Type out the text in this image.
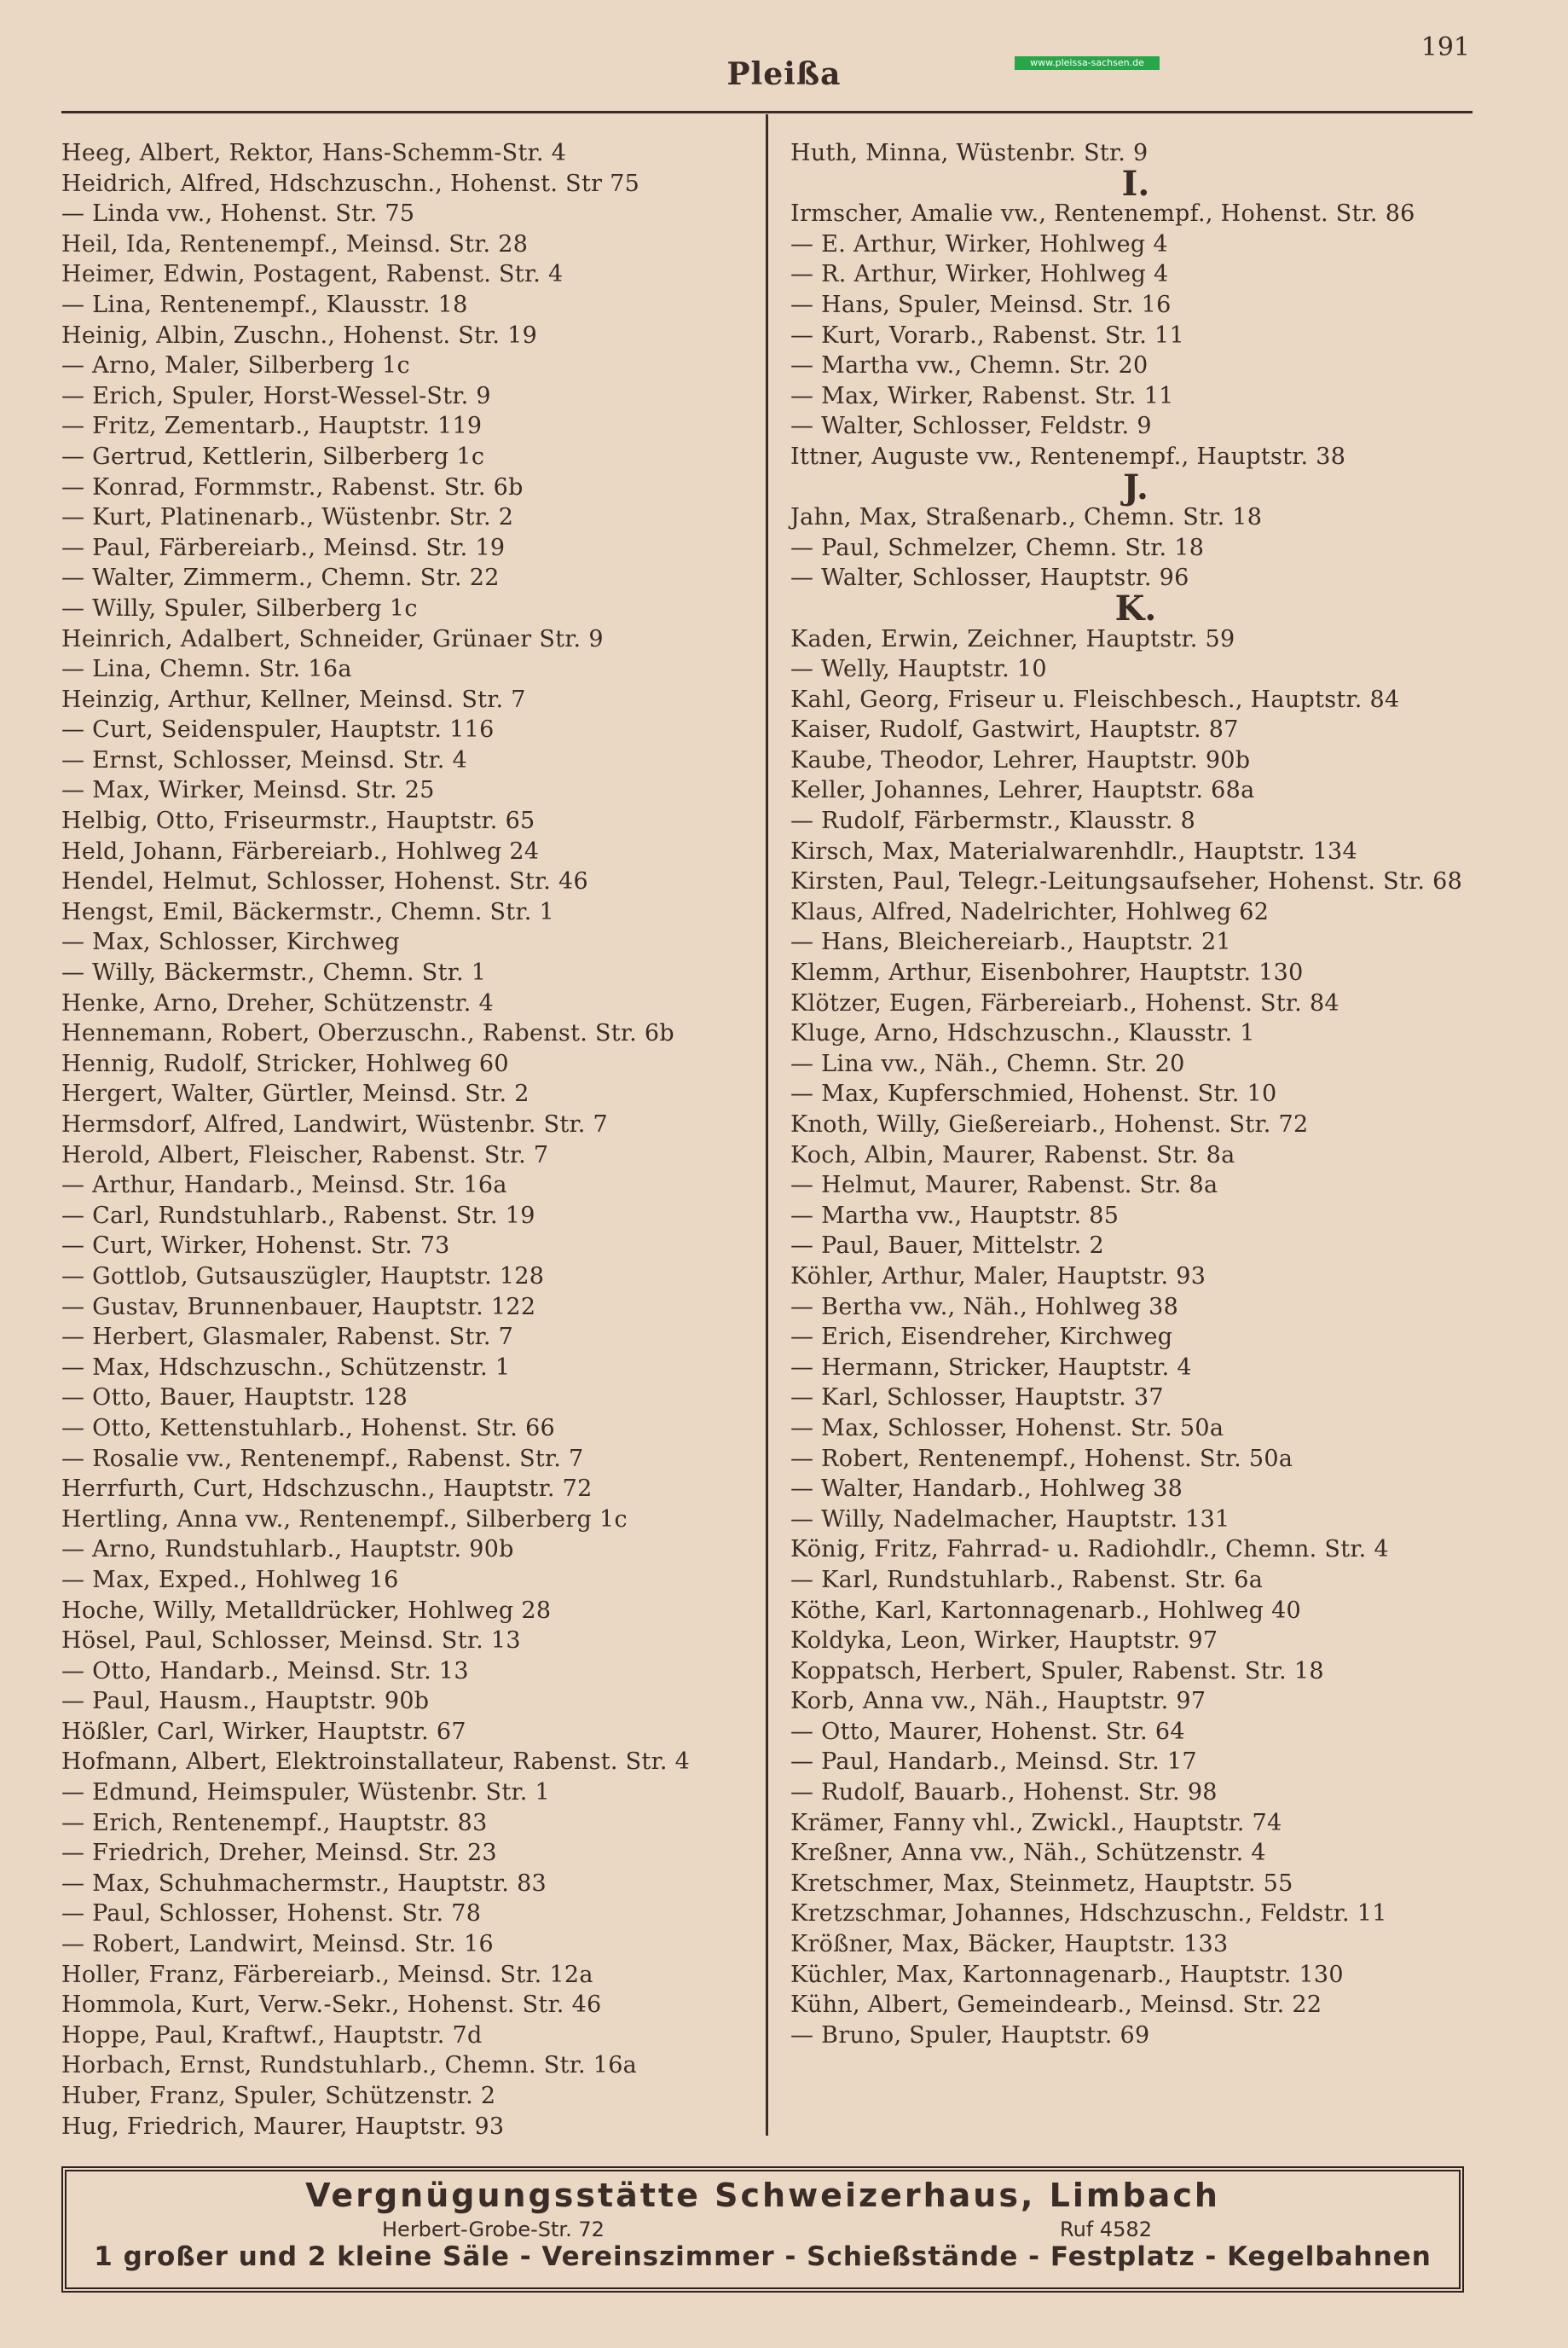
191
Pleißa	www.pleissa-sachsen.de
Heeg, Albert, Rektor, Hans-Schemm-Str. 4
Heidrich, Alfred, Hdschzuschn., Hohenst. Str 75
— Linda vw., Hohenst. Str. 75
Heil, Ida, Rentenempf., Meinsd. Str. 28
Heimer, Edwin, Postagent, Rabenst. Str. 4
— Lina, Rentenempf., Klausstr. 18
Heinig, Albin, Zuschn., Hohenst. Str. 19
— Arno, Maler, Silberberg 1c
— Erich, Spuler, Horst-Wessel-Str. 9
— Fritz, Zementarb., Hauptstr. 119
— Gertrud, Kettlerin, Silberberg 1c
— Konrad, Formmstr., Rabenst. Str. 6b
— Kurt, Platinenarb., Wüstenbr. Str. 2
— Paul, Färbereiarb., Meinsd. Str. 19
— Walter, Zimmerm., Chemn. Str. 22
— Willy, Spuler, Silberberg 1c
Heinrich, Adalbert, Schneider, Grünaer Str. 9
— Lina, Chemn. Str. 16a
Heinzig, Arthur, Kellner, Meinsd. Str. 7
— Curt, Seidenspuler, Hauptstr. 116
— Ernst, Schlosser, Meinsd. Str. 4
— Max, Wirker, Meinsd. Str. 25
Helbig, Otto, Friseurmstr., Hauptstr. 65
Held, Johann, Färbereiarb., Hohlweg 24
Hendel, Helmut, Schlosser, Hohenst. Str. 46
Hengst, Emil, Bäckermstr., Chemn. Str. 1
— Max, Schlosser, Kirchweg
— Willy, Bäckermstr., Chemn. Str. 1
Henke, Arno, Dreher, Schützenstr. 4
Hennemann, Robert, Oberzuschn., Rabenst. Str. 6b
Hennig, Rudolf, Stricker, Hohlweg 60
Hergert, Walter, Gürtler, Meinsd. Str. 2
Hermsdorf, Alfred, Landwirt, Wüstenbr. Str. 7
Herold, Albert, Fleischer, Rabenst. Str. 7
— Arthur, Handarb., Meinsd. Str. 16a
— Carl, Rundstuhlarb., Rabenst. Str. 19
— Curt, Wirker, Hohenst. Str. 73
— Gottlob, Gutsauszügler, Hauptstr. 128
— Gustav, Brunnenbauer, Hauptstr. 122
— Herbert, Glasmaler, Rabenst. Str. 7
— Max, Hdschzuschn., Schützenstr. 1
— Otto, Bauer, Hauptstr. 128
— Otto, Kettenstuhlarb., Hohenst. Str. 66
— Rosalie vw., Rentenempf., Rabenst. Str. 7
Herrfurth, Curt, Hdschzuschn., Hauptstr. 72
Hertling, Anna vw., Rentenempf., Silberberg 1c
— Arno, Rundstuhlarb., Hauptstr. 90b
— Max, Exped., Hohlweg 16
Hoche, Willy, Metalldrücker, Hohlweg 28
Hösel, Paul, Schlosser, Meinsd. Str. 13
— Otto, Handarb., Meinsd. Str. 13
— Paul, Hausm., Hauptstr. 90b
Hößler, Carl, Wirker, Hauptstr. 67
Hofmann, Albert, Elektroinstallateur, Rabenst. Str. 4
— Edmund, Heimspuler, Wüstenbr. Str. 1
— Erich, Rentenempf., Hauptstr. 83
— Friedrich, Dreher, Meinsd. Str. 23
— Max, Schuhmachermstr., Hauptstr. 83
— Paul, Schlosser, Hohenst. Str. 78
— Robert, Landwirt, Meinsd. Str. 16
Holler, Franz, Färbereiarb., Meinsd. Str. 12a
Hommola, Kurt, Verw.-Sekr., Hohenst. Str. 46
Hoppe, Paul, Kraftwf., Hauptstr. 7d
Horbach, Ernst, Rundstuhlarb., Chemn. Str. 16a
Huber, Franz, Spuler, Schützenstr. 2
Hug, Friedrich, Maurer, Hauptstr. 93
Huth, Minna, Wüstenbr. Str. 9
I.
Irmscher, Amalie vw., Rentenempf., Hohenst. Str. 86
— E. Arthur, Wirker, Hohlweg 4
— R. Arthur, Wirker, Hohlweg 4
— Hans, Spuler, Meinsd. Str. 16
— Kurt, Vorarb., Rabenst. Str. 11
— Martha vw., Chemn. Str. 20
— Max, Wirker, Rabenst. Str. 11
— Walter, Schlosser, Feldstr. 9
Ittner, Auguste vw., Rentenempf., Hauptstr. 38
J.
Jahn, Max, Straßenarb., Chemn. Str. 18
— Paul, Schmelzer, Chemn. Str. 18
— Walter, Schlosser, Hauptstr. 96
K.
Kaden, Erwin, Zeichner, Hauptstr. 59
— Welly, Hauptstr. 10
Kahl, Georg, Friseur u. Fleischbesch., Hauptstr. 84
Kaiser, Rudolf, Gastwirt, Hauptstr. 87
Kaube, Theodor, Lehrer, Hauptstr. 90b
Keller, Johannes, Lehrer, Hauptstr. 68a
— Rudolf, Färbermstr., Klausstr. 8
Kirsch, Max, Materialwarenhdlr., Hauptstr. 134
Kirsten, Paul, Telegr.-Leitungsaufseher, Hohenst. Str. 68
Klaus, Alfred, Nadelrichter, Hohlweg 62
— Hans, Bleichereiarb., Hauptstr. 21
Klemm, Arthur, Eisenbohrer, Hauptstr. 130
Klötzer, Eugen, Färbereiarb., Hohenst. Str. 84
Kluge, Arno, Hdschzuschn., Klausstr. 1
— Lina vw., Näh., Chemn. Str. 20
— Max, Kupferschmied, Hohenst. Str. 10
Knoth, Willy, Gießereiarb., Hohenst. Str. 72
Koch, Albin, Maurer, Rabenst. Str. 8a
— Helmut, Maurer, Rabenst. Str. 8a
— Martha vw., Hauptstr. 85
— Paul, Bauer, Mittelstr. 2
Köhler, Arthur, Maler, Hauptstr. 93
— Bertha vw., Näh., Hohlweg 38
— Erich, Eisendreher, Kirchweg
— Hermann, Stricker, Hauptstr. 4
— Karl, Schlosser, Hauptstr. 37
— Max, Schlosser, Hohenst. Str. 50a
— Robert, Rentenempf., Hohenst. Str. 50a
— Walter, Handarb., Hohlweg 38
— Willy, Nadelmacher, Hauptstr. 131
König, Fritz, Fahrrad- u. Radiohdlr., Chemn. Str. 4
— Karl, Rundstuhlarb., Rabenst. Str. 6a
Köthe, Karl, Kartonnagenarb., Hohlweg 40
Koldyka, Leon, Wirker, Hauptstr. 97
Koppatsch, Herbert, Spuler, Rabenst. Str. 18
Korb, Anna vw., Näh., Hauptstr. 97
— Otto, Maurer, Hohenst. Str. 64
— Paul, Handarb., Meinsd. Str. 17
— Rudolf, Bauarb., Hohenst. Str. 98
Krämer, Fanny vhl., Zwickl., Hauptstr. 74
Kreßner, Anna vw., Näh., Schützenstr. 4
Kretschmer, Max, Steinmetz, Hauptstr. 55
Kretzschmar, Johannes, Hdschzuschn., Feldstr. 11
Krößner, Max, Bäcker, Hauptstr. 133
Küchler, Max, Kartonnagenarb., Hauptstr. 130
Kühn, Albert, Gemeindearb., Meinsd. Str. 22
— Bruno, Spuler, Hauptstr. 69
Vergnügungsstätte Schweizerhaus, Limbach
Herbert-Grobe-Str. 72	Ruf 4582
1 großer und 2 kleine Säle - Vereinszimmer - Schießstände - Festplatz - Kegelbahnen
